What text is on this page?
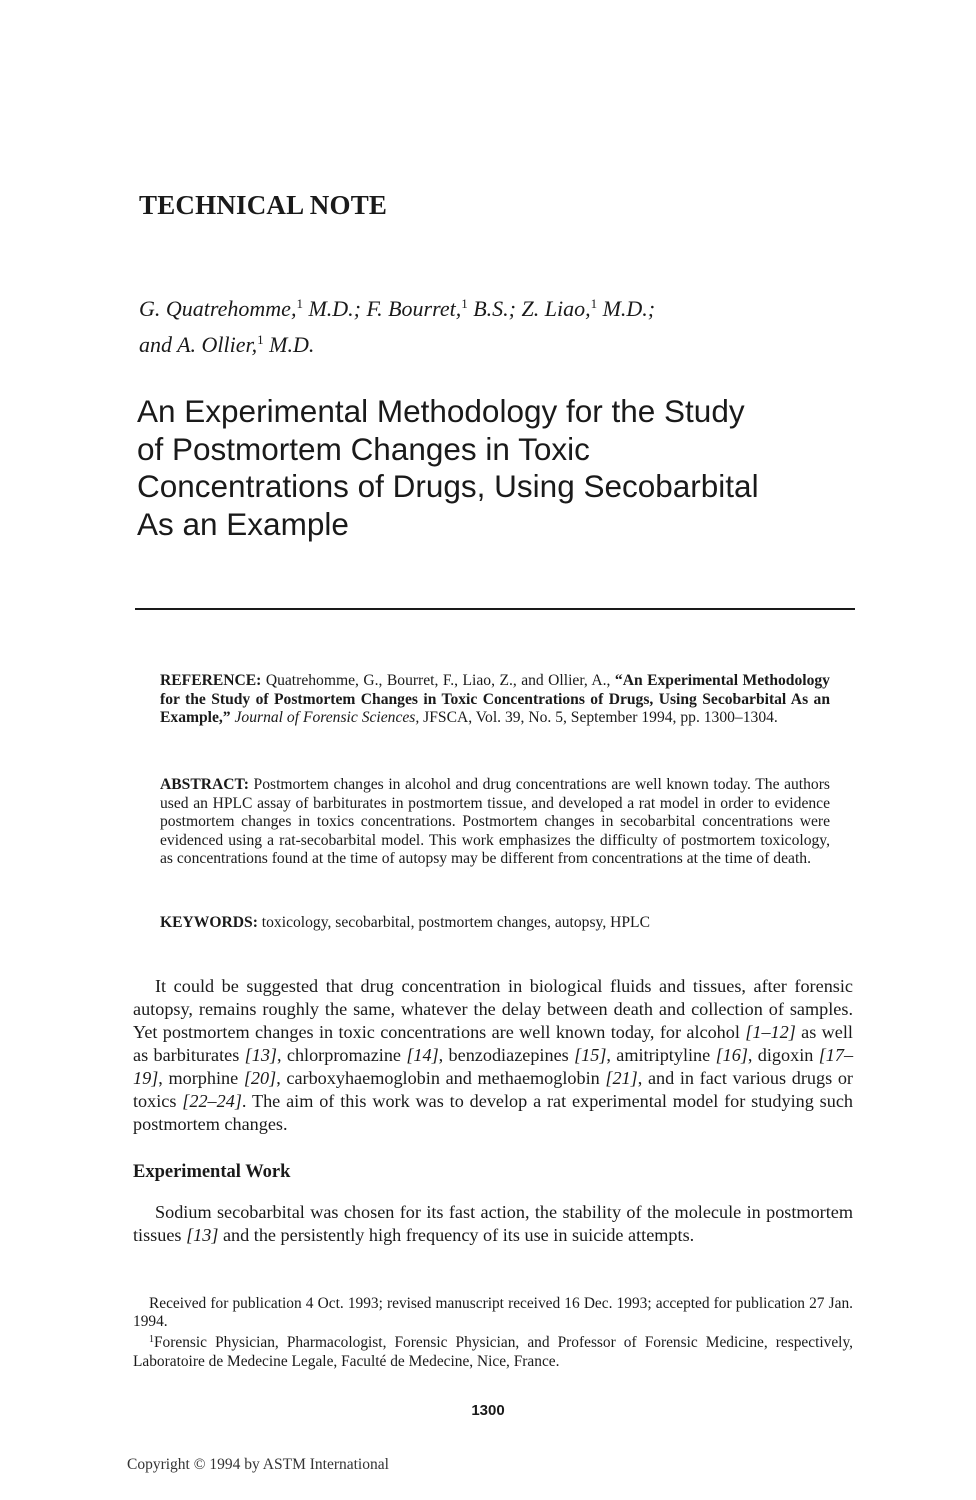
TECHNICAL NOTE
G. Quatrehomme,$^1$ M.D.; F. Bourret,$^1$ B.S.; Z. Liao,$^1$ M.D.;
and A. Ollier,$^1$ M.D.
An Experimental Methodology for the Study
of Postmortem Changes in Toxic
Concentrations of Drugs, Using Secobarbital
As an Example
REFERENCE: Quatrehomme, G., Bourret, F., Liao, Z., and Ollier, A., “An Experimental Methodology for the Study of Postmortem Changes in Toxic Concentrations of Drugs, Using Secobarbital As an Example,” Journal of Forensic Sciences, JFSCA, Vol. 39, No. 5, September 1994, pp. 1300–1304.
ABSTRACT: Postmortem changes in alcohol and drug concentrations are well known today. The authors used an HPLC assay of barbiturates in postmortem tissue, and developed a rat model in order to evidence postmortem changes in toxics concentrations. Postmortem changes in secobarbital concentrations were evidenced using a rat-secobarbital model. This work emphasizes the difficulty of postmortem toxicology, as concentrations found at the time of autopsy may be different from concentrations at the time of death.
KEYWORDS: toxicology, secobarbital, postmortem changes, autopsy, HPLC
It could be suggested that drug concentration in biological fluids and tissues, after forensic autopsy, remains roughly the same, whatever the delay between death and collection of samples. Yet postmortem changes in toxic concentrations are well known today, for alcohol [1–12] as well as barbiturates [13], chlorpromazine [14], benzodiazepines [15], amitriptyline [16], digoxin [17–19], morphine [20], carboxyhaemoglobin and methaemoglobin [21], and in fact various drugs or toxics [22–24]. The aim of this work was to develop a rat experimental model for studying such postmortem changes.
Experimental Work
Sodium secobarbital was chosen for its fast action, the stability of the molecule in postmortem tissues [13] and the persistently high frequency of its use in suicide attempts.
Received for publication 4 Oct. 1993; revised manuscript received 16 Dec. 1993; accepted for publication 27 Jan. 1994.
$^1$Forensic Physician, Pharmacologist, Forensic Physician, and Professor of Forensic Medicine, respectively, Laboratoire de Medecine Legale, Faculté de Medecine, Nice, France.
1300
Copyright © 1994 by ASTM International
